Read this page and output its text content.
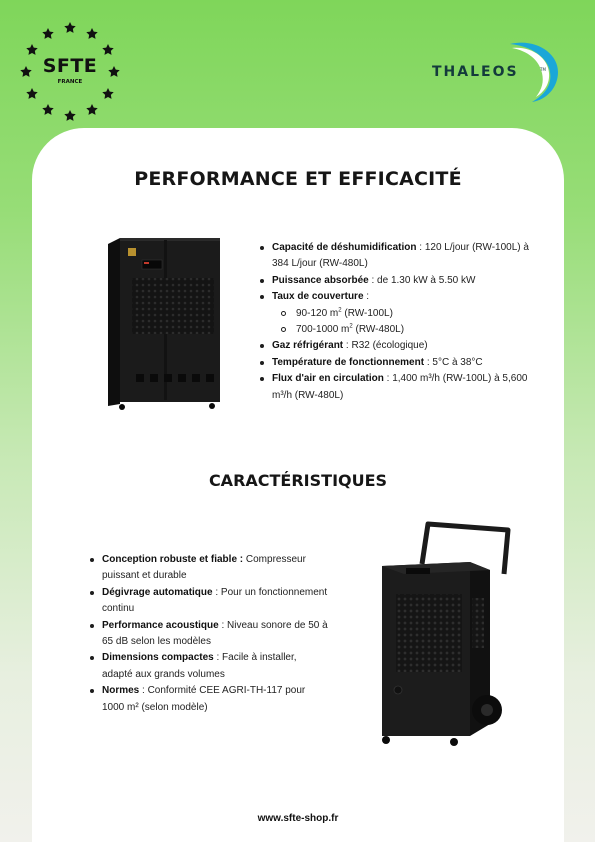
SFTE
FRANCE
THALEOS	TM
PERFORMANCE ET EFFICACITÉ
Capacité de déshumidification : 120 L/jour (RW-100L) à 384 L/jour (RW-480L)
Puissance absorbée : de 1.30 kW à 5.50 kW
Taux de couverture :
90-120 $m^2$ (RW-100L)
700-1000 $m^2$ (RW-480L)
Gaz réfrigérant : R32 (écologique)
Température de fonctionnement : 5°C à 38°C
Flux d'air en circulation : 1,400 m³/h (RW-100L) à 5,600 m³/h (RW-480L)
CARACTÉRISTIQUES
Conception robuste et fiable : Compresseur puissant et durable
Dégivrage automatique : Pour un fonctionnement continu
Performance acoustique : Niveau sonore de 50 à 65 dB selon les modèles
Dimensions compactes : Facile à installer, adapté aux grands volumes
Normes : Conformité CEE AGRI-TH-117 pour 1000 m² (selon modèle)
www.sfte-shop.fr
